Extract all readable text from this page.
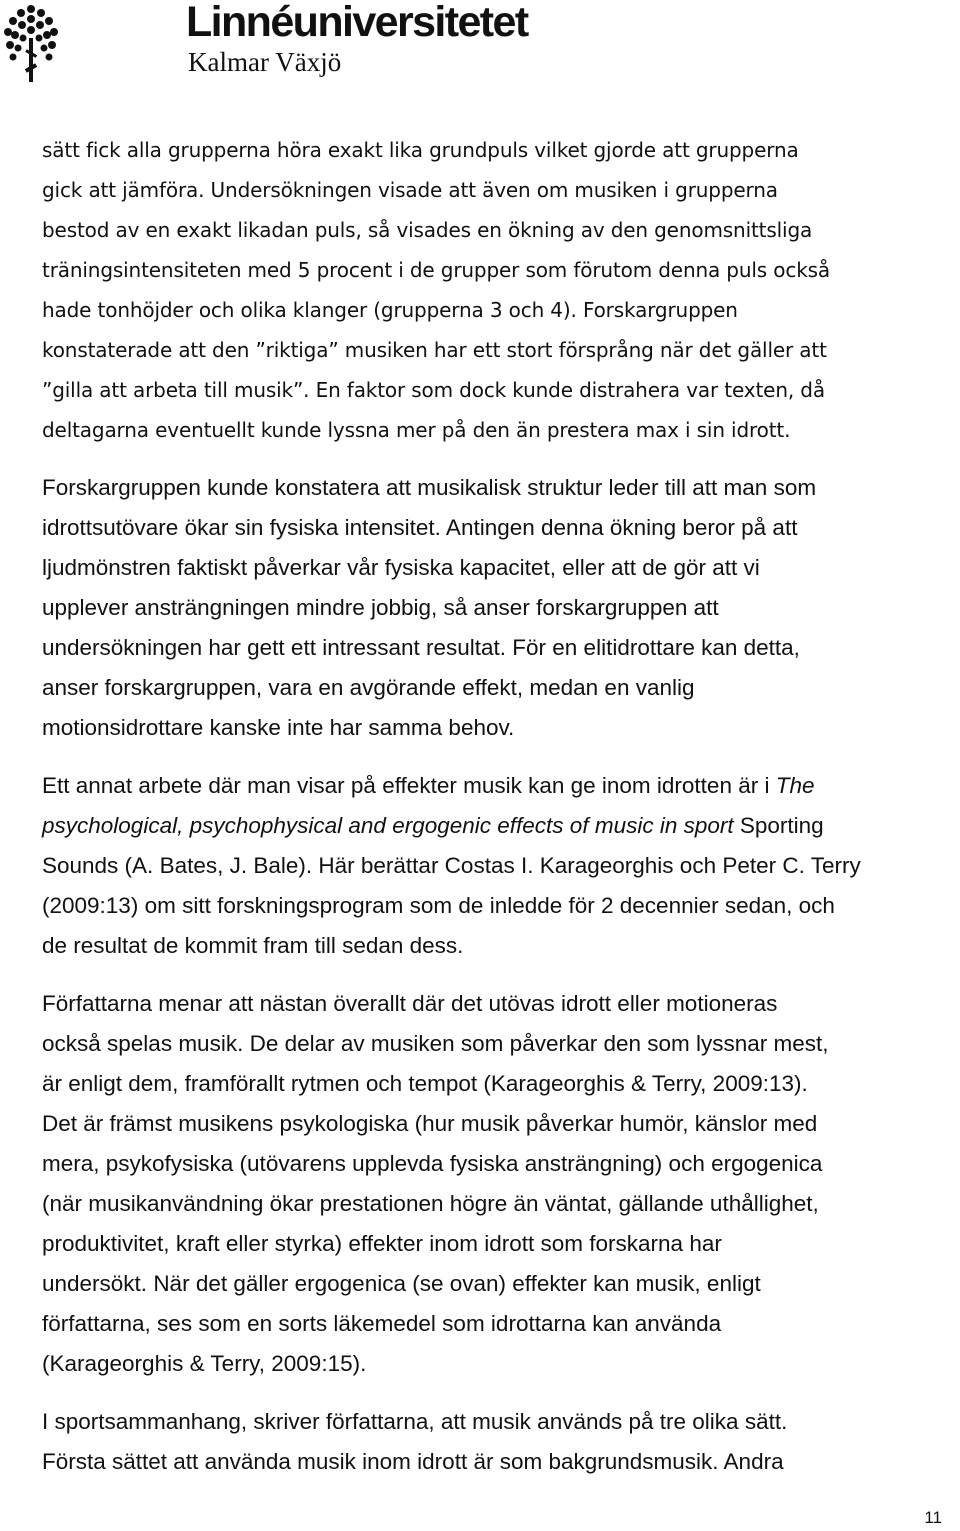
Linnéuniversitetet
Kalmar Växjö

sätt fick alla grupperna höra exakt lika grundpuls vilket gjorde att grupperna
gick att jämföra. Undersökningen visade att även om musiken i grupperna
bestod av en exakt likadan puls, så visades en ökning av den genomsnittsliga
träningsintensiteten med 5 procent i de grupper som förutom denna puls också
hade tonhöjder och olika klanger (grupperna 3 och 4). Forskargruppen
konstaterade att den ”riktiga” musiken har ett stort försprång när det gäller att
”gilla att arbeta till musik”. En faktor som dock kunde distrahera var texten, då
deltagarna eventuellt kunde lyssna mer på den än prestera max i sin idrott.

Forskargruppen kunde konstatera att musikalisk struktur leder till att man som
idrottsutövare ökar sin fysiska intensitet. Antingen denna ökning beror på att
ljudmönstren faktiskt påverkar vår fysiska kapacitet, eller att de gör att vi
upplever ansträngningen mindre jobbig, så anser forskargruppen att
undersökningen har gett ett intressant resultat. För en elitidrottare kan detta,
anser forskargruppen, vara en avgörande effekt, medan en vanlig
motionsidrottare kanske inte har samma behov.

Ett annat arbete där man visar på effekter musik kan ge inom idrotten är i The
psychological, psychophysical and ergogenic effects of music in sport Sporting
Sounds (A. Bates, J. Bale). Här berättar Costas I. Karageorghis och Peter C. Terry
(2009:13) om sitt forskningsprogram som de inledde för 2 decennier sedan, och
de resultat de kommit fram till sedan dess.

Författarna menar att nästan överallt där det utövas idrott eller motioneras
också spelas musik. De delar av musiken som påverkar den som lyssnar mest,
är enligt dem, framförallt rytmen och tempot (Karageorghis & Terry, 2009:13).
Det är främst musikens psykologiska (hur musik påverkar humör, känslor med
mera, psykofysiska (utövarens upplevda fysiska ansträngning) och ergogenica
(när musikanvändning ökar prestationen högre än väntat, gällande uthållighet,
produktivitet, kraft eller styrka) effekter inom idrott som forskarna har
undersökt. När det gäller ergogenica (se ovan) effekter kan musik, enligt
författarna, ses som en sorts läkemedel som idrottarna kan använda
(Karageorghis & Terry, 2009:15).

I sportsammanhang, skriver författarna, att musik används på tre olika sätt.
Första sättet att använda musik inom idrott är som bakgrundsmusik. Andra

11
